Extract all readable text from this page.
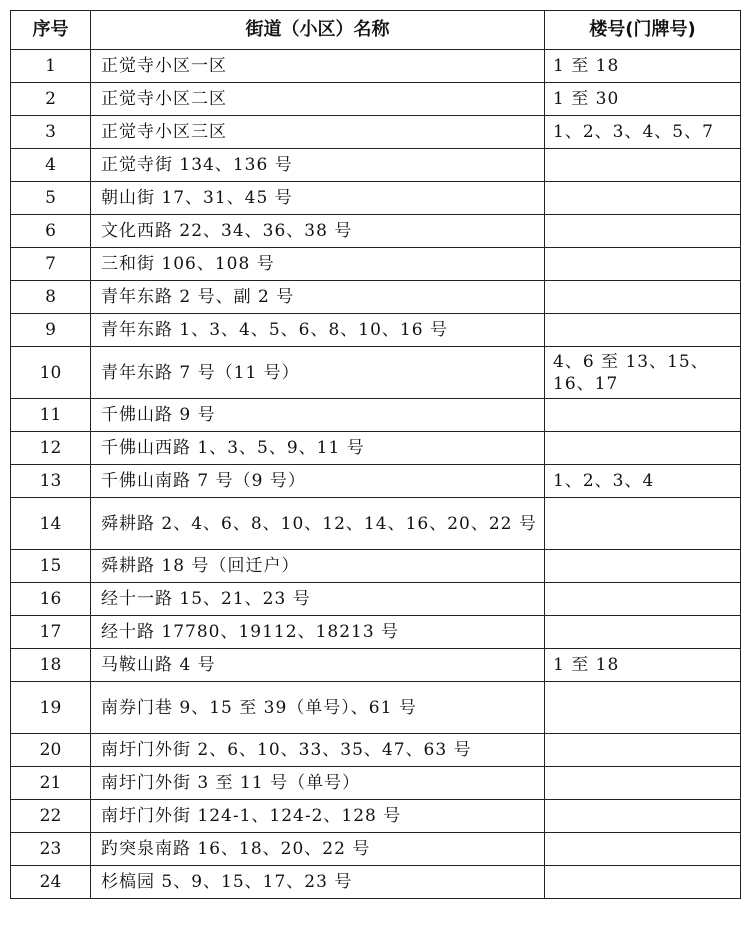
序号	街道（小区）名称	楼号(门牌号)
1	正觉寺小区一区	1 至 18
2	正觉寺小区二区	1 至 30
3	正觉寺小区三区	1、2、3、4、5、7
4	正觉寺街 134、136 号	
5	朝山街 17、31、45 号	
6	文化西路 22、34、36、38 号	
7	三和街 106、108 号	
8	青年东路 2 号、副 2 号	
9	青年东路 1、3、4、5、6、8、10、16 号	
10	青年东路 7 号（11 号）	4、6 至 13、15、16、17
11	千佛山路 9 号	
12	千佛山西路 1、3、5、9、11 号	
13	千佛山南路 7 号（9 号）	1、2、3、4
14	舜耕路 2、4、6、8、10、12、14、16、20、22 号	
15	舜耕路 18 号（回迁户）	
16	经十一路 15、21、23 号	
17	经十路 17780、19112、18213 号	
18	马鞍山路 4 号	1 至 18
19	南券门巷 9、15 至 39（单号）、61 号	
20	南圩门外街 2、6、10、33、35、47、63 号	
21	南圩门外街 3 至 11 号（单号）	
22	南圩门外街 124-1、124-2、128 号	
23	趵突泉南路 16、18、20、22 号	
24	杉槁园 5、9、15、17、23 号	
